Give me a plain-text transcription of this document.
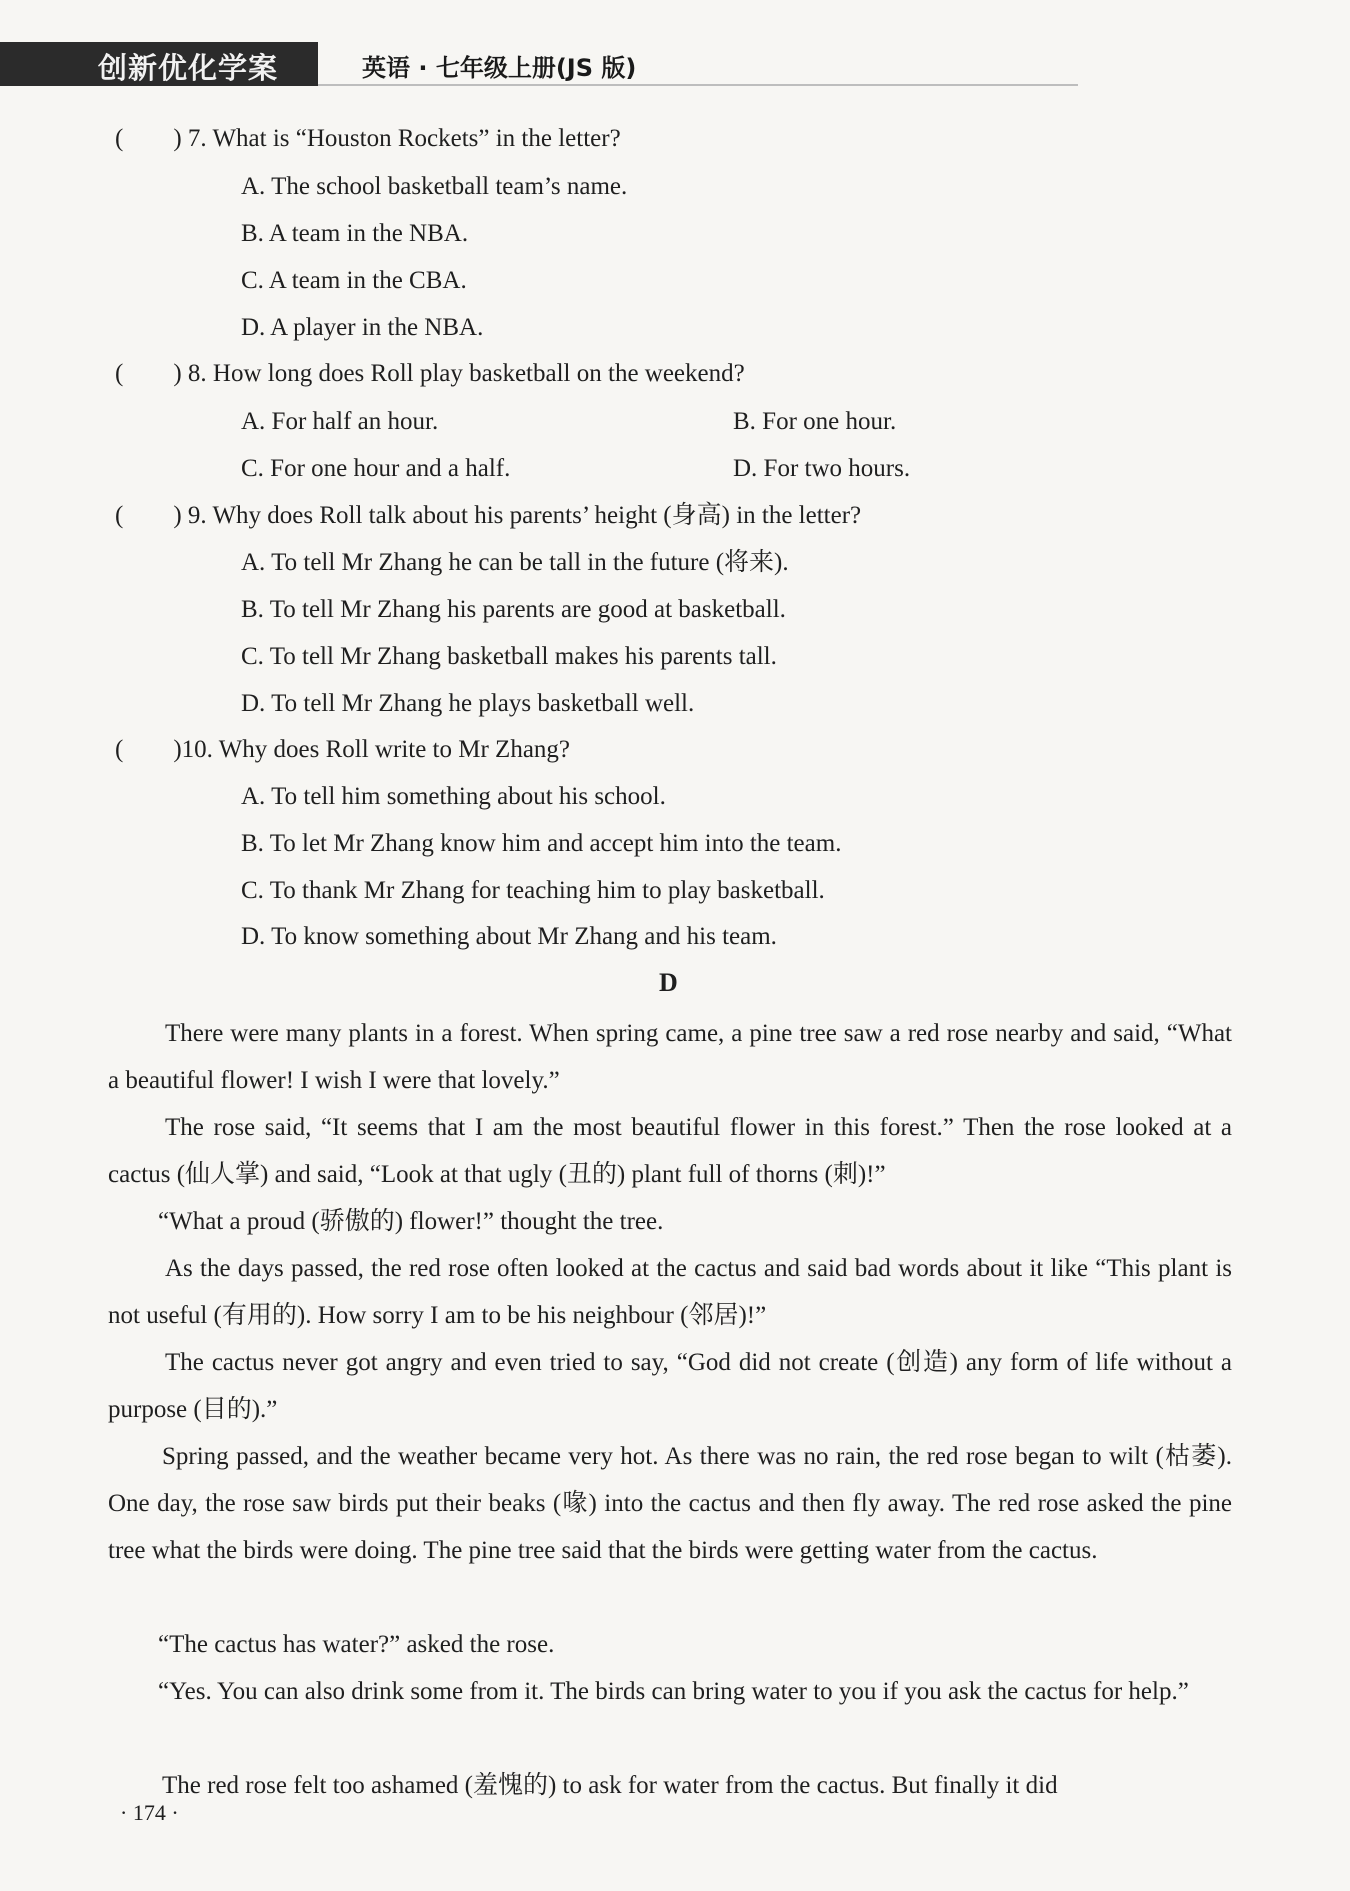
创新优化学案	英语 · 七年级上册(JS 版)
(　　) 7. What is “Houston Rockets” in the letter?
A. The school basketball team’s name.
B. A team in the NBA.
C. A team in the CBA.
D. A player in the NBA.
(　　) 8. How long does Roll play basketball on the weekend?
A. For half an hour.	B. For one hour.
C. For one hour and a half.	D. For two hours.
(　　) 9. Why does Roll talk about his parents’ height (身高) in the letter?
A. To tell Mr Zhang he can be tall in the future (将来).
B. To tell Mr Zhang his parents are good at basketball.
C. To tell Mr Zhang basketball makes his parents tall.
D. To tell Mr Zhang he plays basketball well.
(　　)10. Why does Roll write to Mr Zhang?
A. To tell him something about his school.
B. To let Mr Zhang know him and accept him into the team.
C. To thank Mr Zhang for teaching him to play basketball.
D. To know something about Mr Zhang and his team.
D
There were many plants in a forest. When spring came, a pine tree saw a red rose nearby and said, “What a beautiful flower! I wish I were that lovely.”
The rose said, “It seems that I am the most beautiful flower in this forest.” Then the rose looked at a cactus (仙人掌) and said, “Look at that ugly (丑的) plant full of thorns (刺)!”
“What a proud (骄傲的) flower!” thought the tree.
As the days passed, the red rose often looked at the cactus and said bad words about it like “This plant is not useful (有用的). How sorry I am to be his neighbour (邻居)!”
The cactus never got angry and even tried to say, “God did not create (创造) any form of life without a purpose (目的).”
Spring passed, and the weather became very hot. As there was no rain, the red rose began to wilt (枯萎). One day, the rose saw birds put their beaks (喙) into the cactus and then fly away. The red rose asked the pine tree what the birds were doing. The pine tree said that the birds were getting water from the cactus.
“The cactus has water?” asked the rose.
“Yes. You can also drink some from it. The birds can bring water to you if you ask the cactus for help.”
The red rose felt too ashamed (羞愧的) to ask for water from the cactus. But finally it did
· 174 ·
